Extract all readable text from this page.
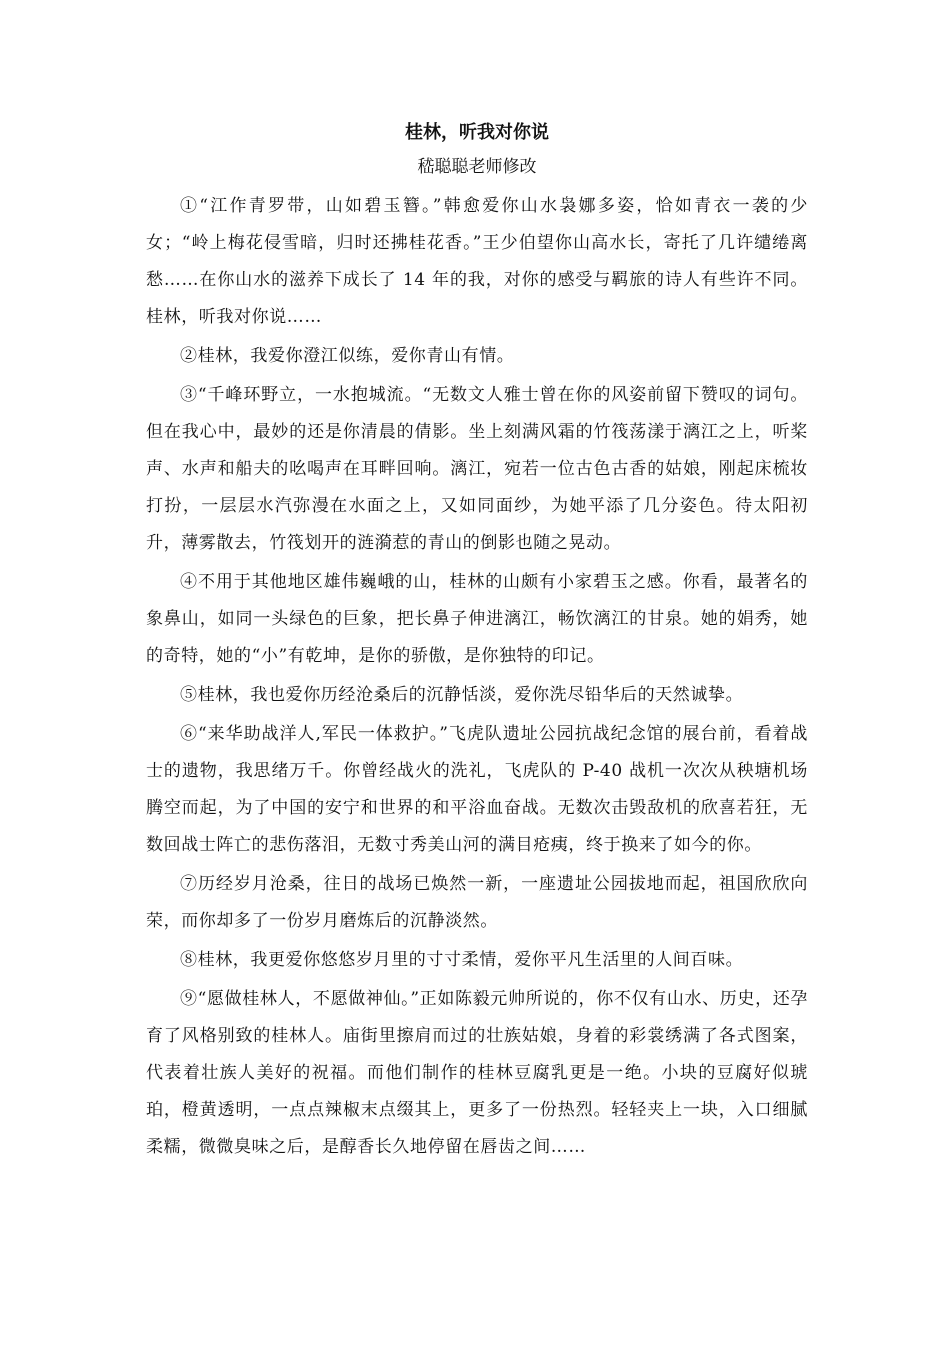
桂林，听我对你说
嵇聪聪老师修改

①“江作青罗带，山如碧玉簪。”韩愈爱你山水袅娜多姿，恰如青衣一袭的少女；“岭上梅花侵雪暗，归时还拂桂花香。”王少伯望你山高水长，寄托了几许缱绻离愁……在你山水的滋养下成长了 14 年的我，对你的感受与羁旅的诗人有些许不同。桂林，听我对你说……

②桂林，我爱你澄江似练，爱你青山有情。

③“千峰环野立，一水抱城流。“无数文人雅士曾在你的风姿前留下赞叹的词句。但在我心中，最妙的还是你清晨的倩影。坐上刻满风霜的竹筏荡漾于漓江之上，听桨声、水声和船夫的吆喝声在耳畔回响。漓江，宛若一位古色古香的姑娘，刚起床梳妆打扮，一层层水汽弥漫在水面之上，又如同面纱，为她平添了几分姿色。待太阳初升，薄雾散去，竹筏划开的涟漪惹的青山的倒影也随之晃动。

④不用于其他地区雄伟巍峨的山，桂林的山颇有小家碧玉之感。你看，最著名的象鼻山，如同一头绿色的巨象，把长鼻子伸进漓江，畅饮漓江的甘泉。她的娟秀，她的奇特，她的“小”有乾坤，是你的骄傲，是你独特的印记。

⑤桂林，我也爱你历经沧桑后的沉静恬淡，爱你洗尽铅华后的天然诚挚。

⑥“来华助战洋人,军民一体救护。”飞虎队遗址公园抗战纪念馆的展台前，看着战士的遗物，我思绪万千。你曾经战火的洗礼，飞虎队的 P-40 战机一次次从秧塘机场腾空而起，为了中国的安宁和世界的和平浴血奋战。无数次击毁敌机的欣喜若狂，无数回战士阵亡的悲伤落泪，无数寸秀美山河的满目疮痍，终于换来了如今的你。

⑦历经岁月沧桑，往日的战场已焕然一新，一座遗址公园拔地而起，祖国欣欣向荣，而你却多了一份岁月磨炼后的沉静淡然。

⑧桂林，我更爱你悠悠岁月里的寸寸柔情，爱你平凡生活里的人间百味。

⑨“愿做桂林人，不愿做神仙。”正如陈毅元帅所说的，你不仅有山水、历史，还孕育了风格别致的桂林人。庙街里擦肩而过的壮族姑娘，身着的彩裳绣满了各式图案，代表着壮族人美好的祝福。而他们制作的桂林豆腐乳更是一绝。小块的豆腐好似琥珀，橙黄透明，一点点辣椒末点缀其上，更多了一份热烈。轻轻夹上一块，入口细腻柔糯，微微臭味之后，是醇香长久地停留在唇齿之间……
